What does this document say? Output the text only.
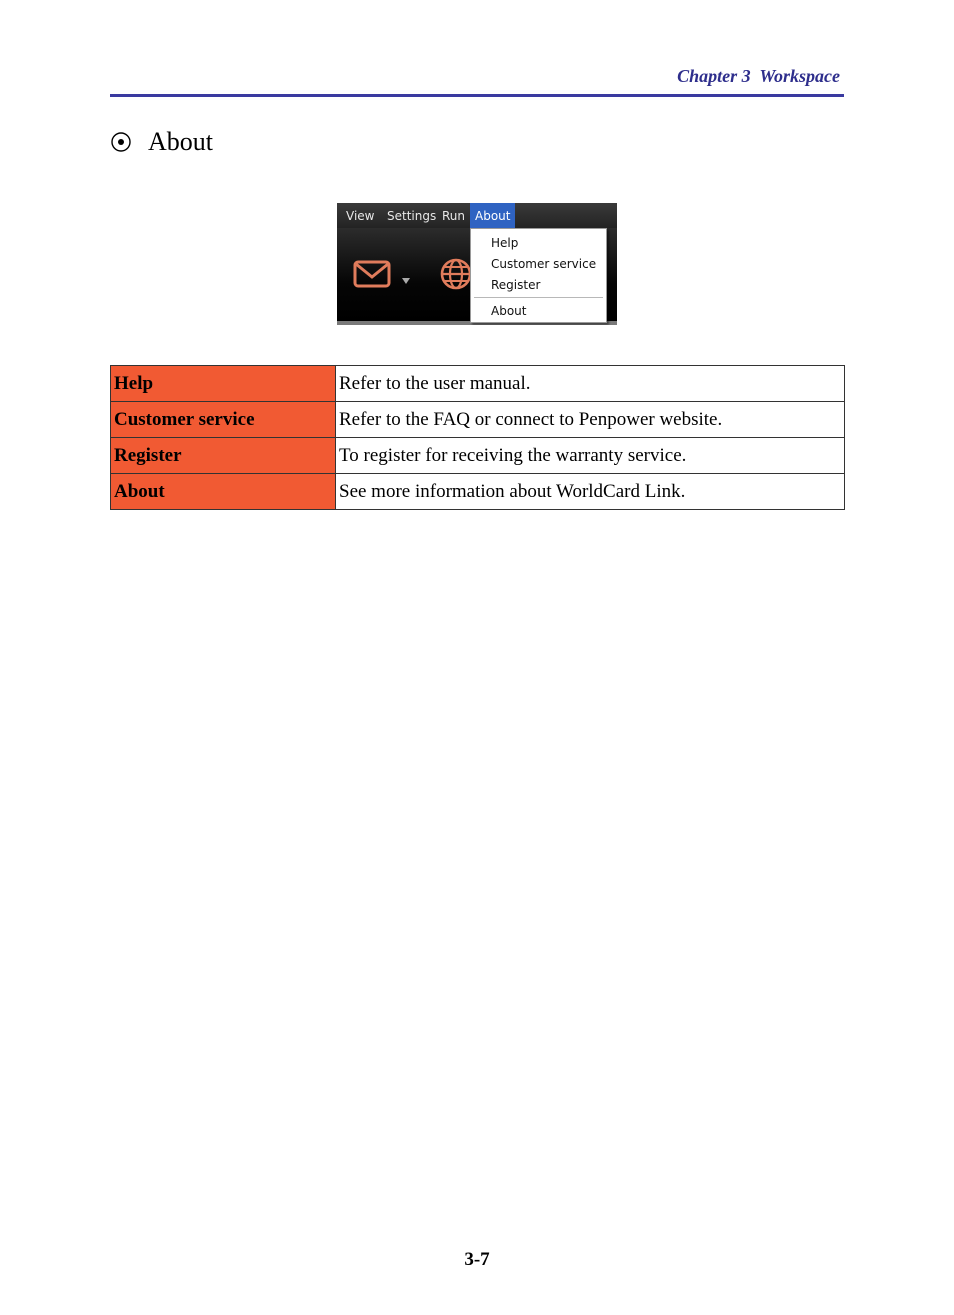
Chapter 3  Workspace
About
View	Settings Run About
Help
Customer service
Register
About
Help	Refer to the user manual.
Customer service	Refer to the FAQ or connect to Penpower website.
Register	To register for receiving the warranty service.
About	See more information about WorldCard Link.
3-7
